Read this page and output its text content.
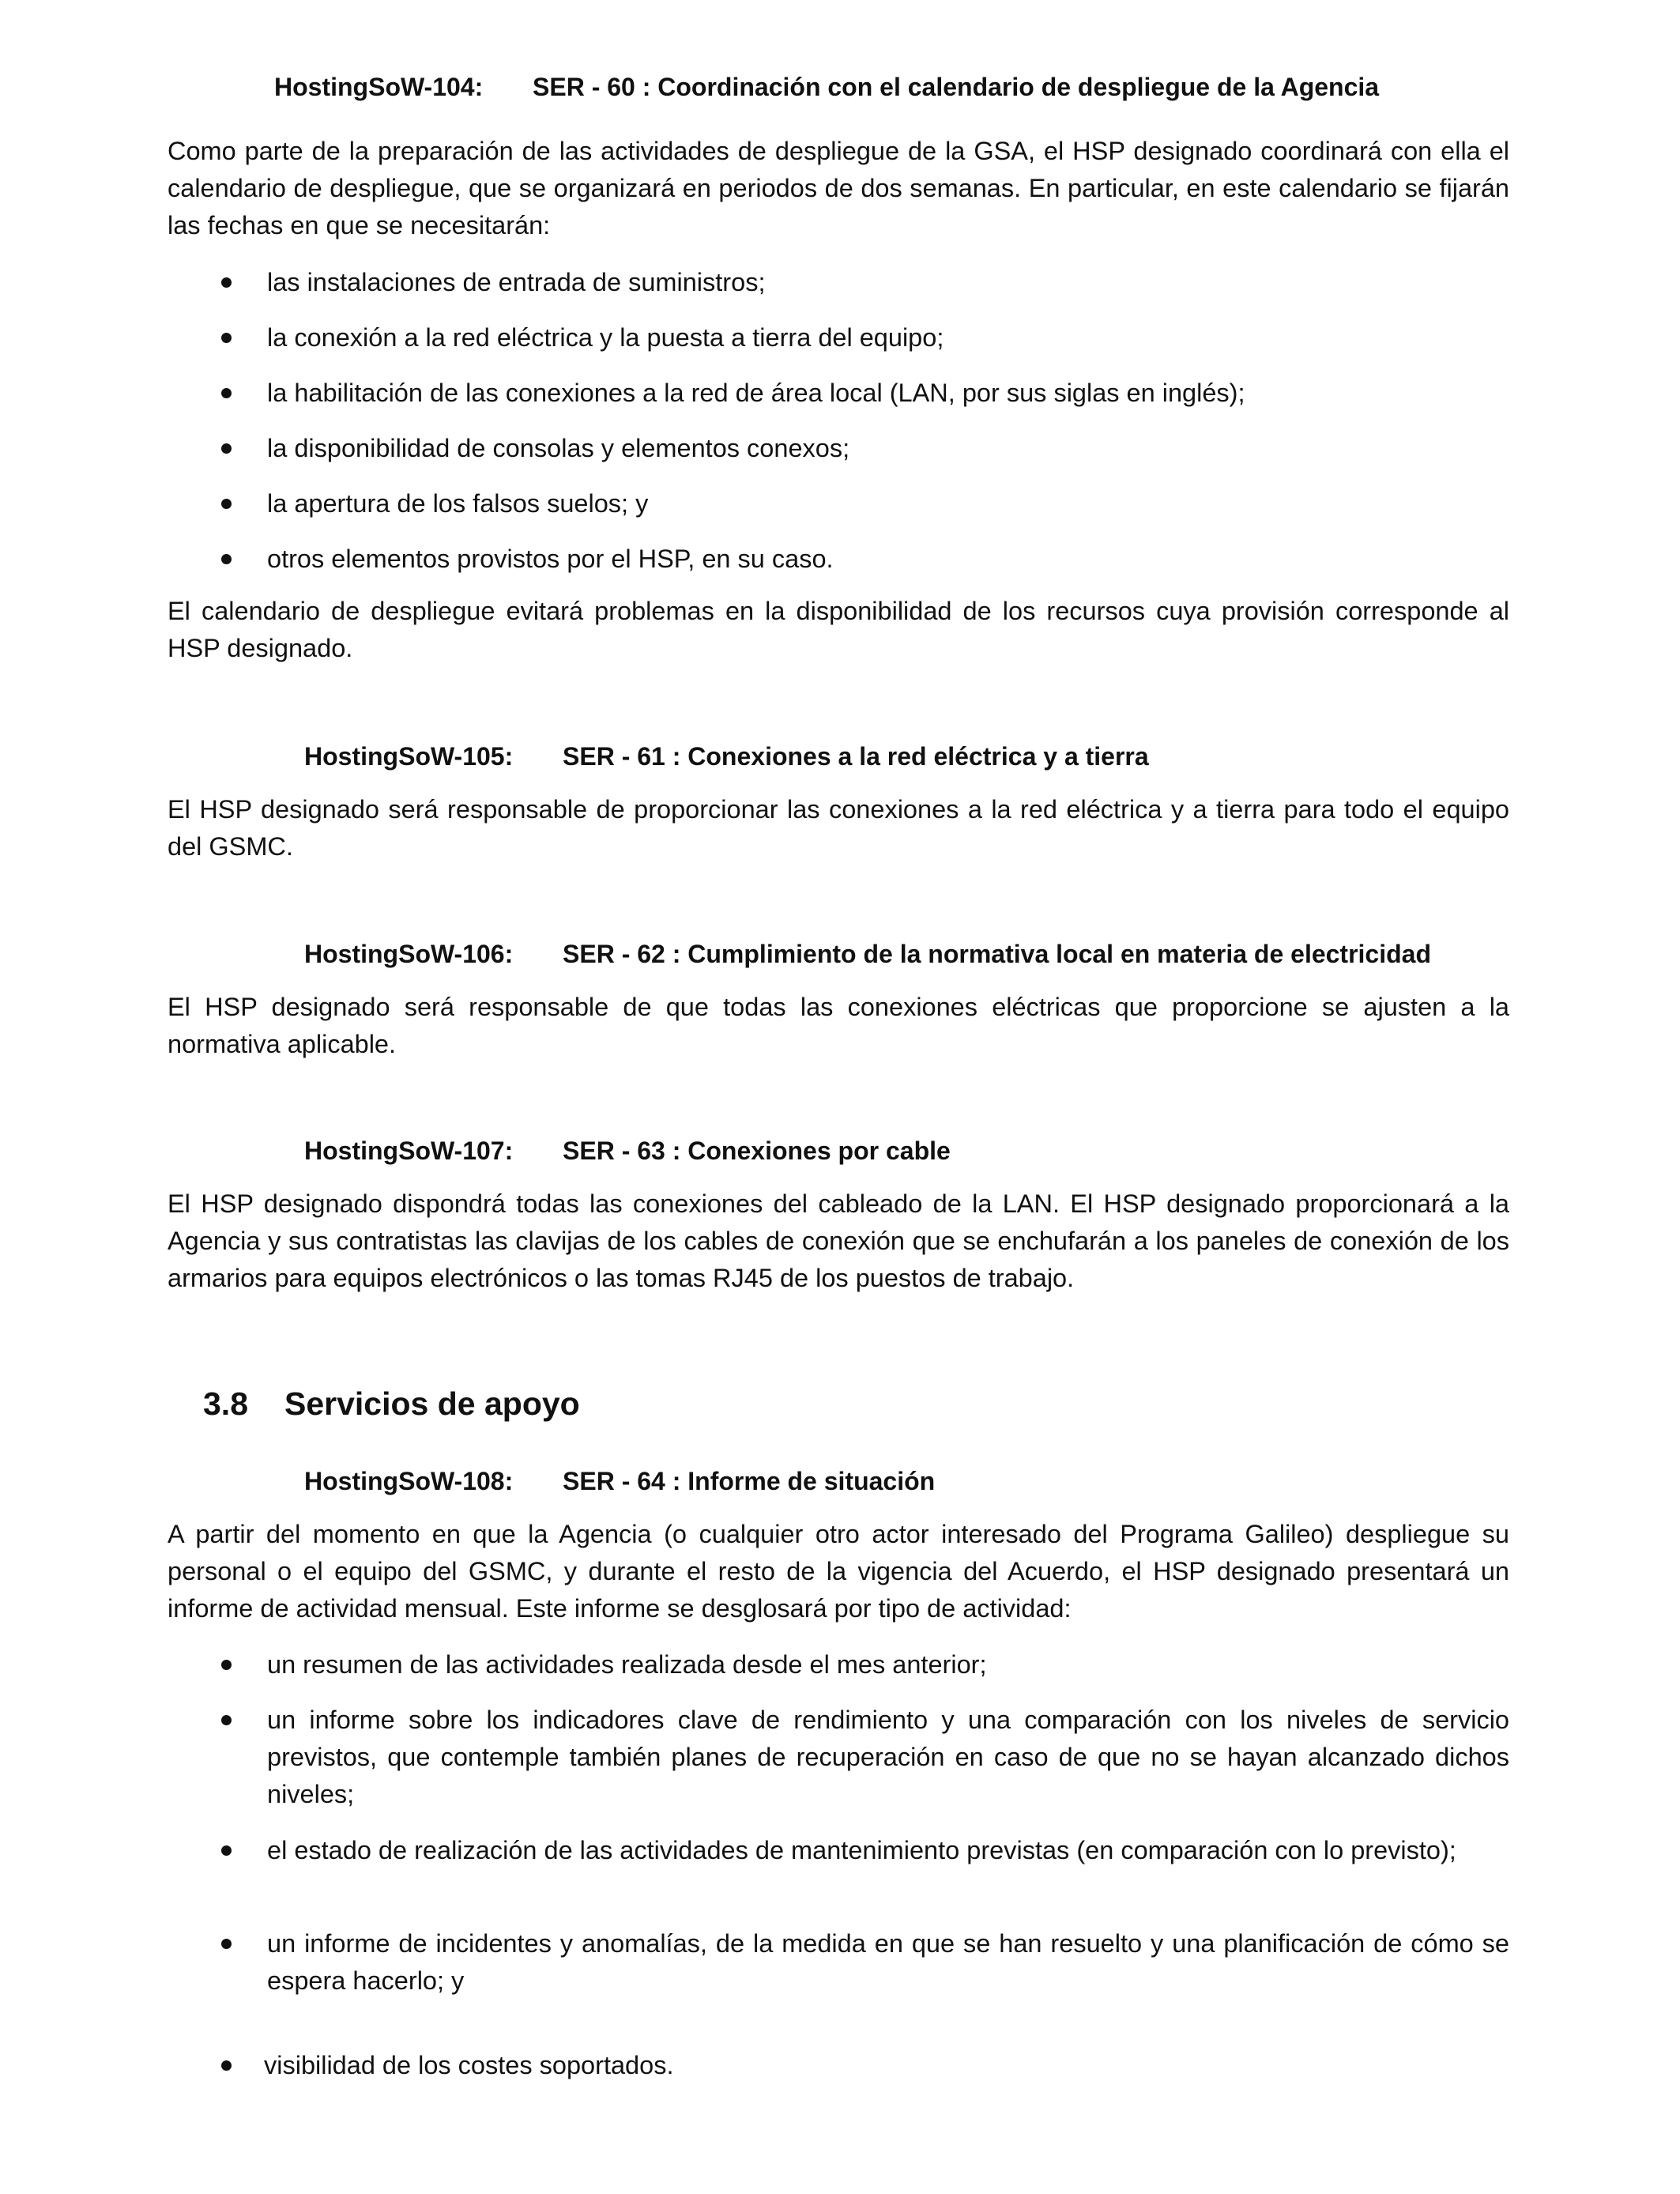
HostingSoW-104: SER - 60 : Coordinación con el calendario de despliegue de la Agencia
Como parte de la preparación de las actividades de despliegue de la GSA, el HSP designado coordinará con ella el calendario de despliegue, que se organizará en periodos de dos semanas. En particular, en este calendario se fijarán las fechas en que se necesitarán:
las instalaciones de entrada de suministros;
la conexión a la red eléctrica y la puesta a tierra del equipo;
la habilitación de las conexiones a la red de área local (LAN, por sus siglas en inglés);
la disponibilidad de consolas y elementos conexos;
la apertura de los falsos suelos; y
otros elementos provistos por el HSP, en su caso.
El calendario de despliegue evitará problemas en la disponibilidad de los recursos cuya provisión corresponde al HSP designado.
HostingSoW-105: SER - 61 : Conexiones a la red eléctrica y a tierra
El HSP designado será responsable de proporcionar las conexiones a la red eléctrica y a tierra para todo el equipo del GSMC.
HostingSoW-106: SER - 62 : Cumplimiento de la normativa local en materia de electricidad
El HSP designado será responsable de que todas las conexiones eléctricas que proporcione se ajusten a la normativa aplicable.
HostingSoW-107: SER - 63 : Conexiones por cable
El HSP designado dispondrá todas las conexiones del cableado de la LAN. El HSP designado proporcionará a la Agencia y sus contratistas las clavijas de los cables de conexión que se enchufarán a los paneles de conexión de los armarios para equipos electrónicos o las tomas RJ45 de los puestos de trabajo.
3.8 Servicios de apoyo
HostingSoW-108: SER - 64 : Informe de situación
A partir del momento en que la Agencia (o cualquier otro actor interesado del Programa Galileo) despliegue su personal o el equipo del GSMC, y durante el resto de la vigencia del Acuerdo, el HSP designado presentará un informe de actividad mensual. Este informe se desglosará por tipo de actividad:
un resumen de las actividades realizada desde el mes anterior;
un informe sobre los indicadores clave de rendimiento y una comparación con los niveles de servicio previstos, que contemple también planes de recuperación en caso de que no se hayan alcanzado dichos niveles;
el estado de realización de las actividades de mantenimiento previstas (en comparación con lo previsto);
un informe de incidentes y anomalías, de la medida en que se han resuelto y una planificación de cómo se espera hacerlo; y
visibilidad de los costes soportados.
